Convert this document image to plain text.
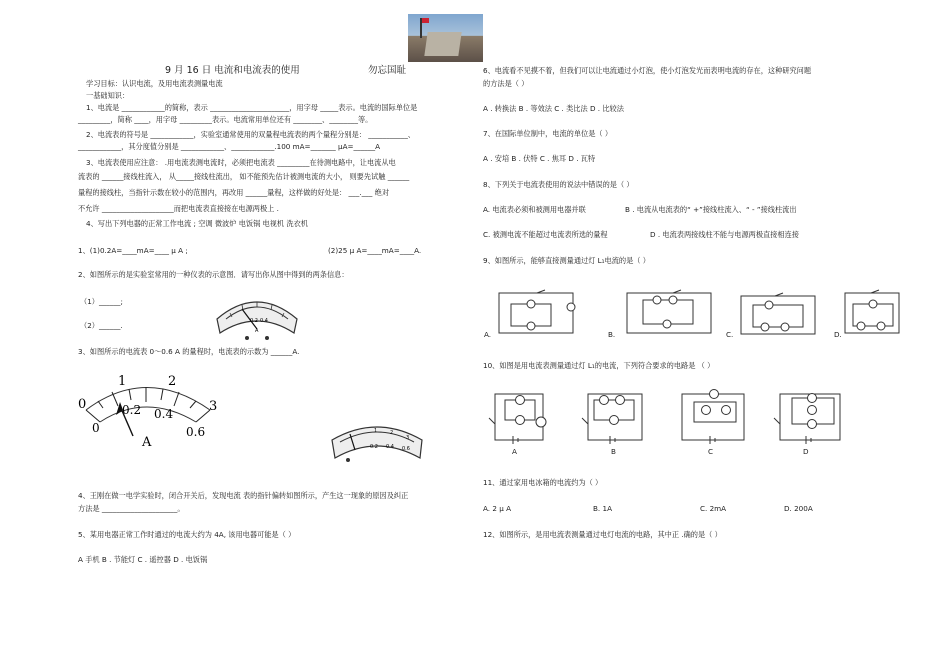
9 月 16 日 电流和电流表的使用	勿忘国耻
学习目标：认识电流，及用电流表测量电流
一基础知识：
1、电流是 ____________的简称，表示 ______________________，用字母 _____表示。电流的国际单位是
_________，简称 ____，用字母 _________表示。电流常用单位还有 ________、________等。
2、电流表的符号是 ____________，实验室通常使用的双量程电流表的两个量程分别是： ___________、
____________，其分度值分别是 ____________、____________.100 mA=_______ μA=______A
3、电流表使用应注意： .用电流表测电流时，必须把电流表 _________在待测电路中，让电流从电
流表的 ______接线柱流入， 从_____接线柱流出， 如不能预先估计被测电流的大小， 则要先试触 ______
量程的接线柱，当指针示数在较小的范围内，再改用 ______量程，这样做的好处是： ___.___ 绝对
不允许 ____________________而把电流表直接接在电源两极上 .
4、写出下列电器的正常工作电流 ; 空调 微波炉 电饭锅 电视机 洗衣机
1、(1)0.2A=____mA=____ μ A ;	(2)25 μ A=____mA=____A.
2、如图所示的是实验室常用的一种仪表的示意图．请写出你从图中得到的两条信息：
（1）______;
（2）______.
3、如图所示的电流表 0～0.6 A 的量程时，电流表的示数为 ______A.
4、王刚在做一电学实验时，闭合开关后，发现电流 表的指针偏转如图所示，产生这一现象的原因及纠正
方法是 _____________________。
5、某用电器正常工作时通过的电流大约为 4A, 该用电器可能是（ ）
A 手机 B . 节能灯 C . 遥控器 D . 电饭锅
0.2 0.4
A
0
1	2
3
0
0.2 0.4
0.6
A
1	2
3
0.2 0.4 0.6
6、电流看不见摸不着，但我们可以让电流通过小灯泡，使小灯泡发光而表明电流的存在，这种研究问题
的方法是（ ）
A . 转换法 B . 等效法 C . 类比法 D . 比较法
7、在国际单位制中，电流的单位是（ ）
A . 安培 B . 伏特 C . 焦耳 D . 瓦特
8、下列关于电流表使用的说法中错误的是（ ）
A. 电流表必须和被测用电器并联	B . 电流从电流表的“ +”接线柱流入、“ - ”接线柱流出
C. 被测电流不能超过电流表所选的量程	D . 电流表两接线柱不能与电源两极直接相连接
9、如图所示，能够直接测量通过灯 L₁电流的是（ ）
A.	B.	C.	D.
10、如图是用电流表测量通过灯 L₁的电流，下列符合要求的电路是 （ ）
A	B	C	D
11、通过家用电冰箱的电流约为（ ）
A. 2 μ A	B. 1A	C. 2mA	D. 200A
12、如图所示，是用电流表测量通过电灯电流的电路，其中正 .确的是（ ）
